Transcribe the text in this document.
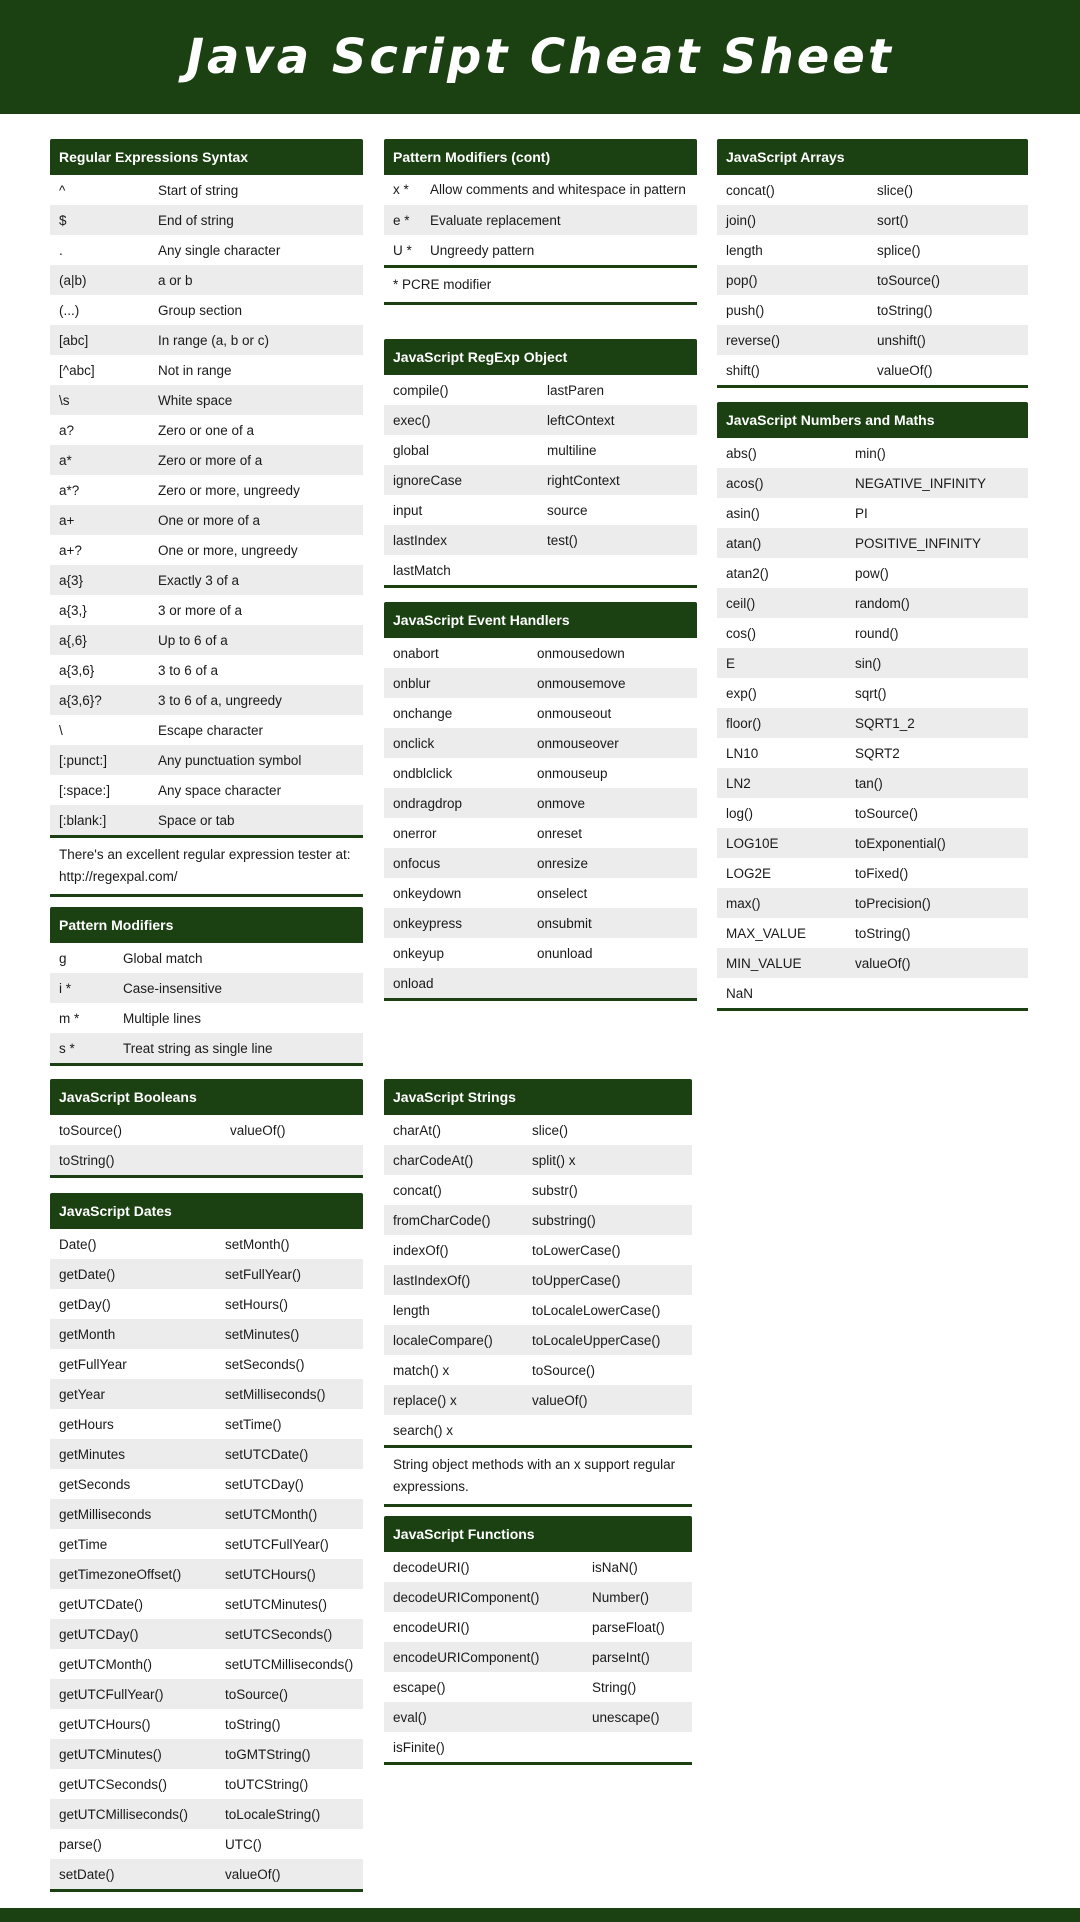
Java Script Cheat Sheet
Regular Expressions Syntax
^	Start of string
$	End of string
.	Any single character
(a|b)	a or b
(...)	Group section
[abc]	In range (a, b or c)
[^abc]	Not in range
\s	White space
a?	Zero or one of a
a*	Zero or more of a
a*?	Zero or more, ungreedy
a+	One or more of a
a+?	One or more, ungreedy
a{3}	Exactly 3 of a
a{3,}	3 or more of a
a{,6}	Up to 6 of a
a{3,6}	3 to 6 of a
a{3,6}?	3 to 6 of a, ungreedy
\	Escape character
[:punct:]	Any punctuation symbol
[:space:]	Any space character
[:blank:]	Space or tab
There's an excellent regular expression tester at: http://regexpal.com/
Pattern Modifiers
g	Global match
i *	Case-insensitive
m *	Multiple lines
s *	Treat string as single line
JavaScript Booleans
toSource()	valueOf()
toString()
JavaScript Dates
Date()	setMonth()
getDate()	setFullYear()
getDay()	setHours()
getMonth	setMinutes()
getFullYear	setSeconds()
getYear	setMilliseconds()
getHours	setTime()
getMinutes	setUTCDate()
getSeconds	setUTCDay()
getMilliseconds	setUTCMonth()
getTime	setUTCFullYear()
getTimezoneOffset()	setUTCHours()
getUTCDate()	setUTCMinutes()
getUTCDay()	setUTCSeconds()
getUTCMonth()	setUTCMilliseconds()
getUTCFullYear()	toSource()
getUTCHours()	toString()
getUTCMinutes()	toGMTString()
getUTCSeconds()	toUTCString()
getUTCMilliseconds()	toLocaleString()
parse()	UTC()
setDate()	valueOf()
Pattern Modifiers (cont)
x *	Allow comments and whitespace in pattern
e *	Evaluate replacement
U *	Ungreedy pattern
* PCRE modifier
JavaScript RegExp Object
compile()	lastParen
exec()	leftCOntext
global	multiline
ignoreCase	rightContext
input	source
lastIndex	test()
lastMatch
JavaScript Event Handlers
onabort	onmousedown
onblur	onmousemove
onchange	onmouseout
onclick	onmouseover
ondblclick	onmouseup
ondragdrop	onmove
onerror	onreset
onfocus	onresize
onkeydown	onselect
onkeypress	onsubmit
onkeyup	onunload
onload
JavaScript Strings
charAt()	slice()
charCodeAt()	split() x
concat()	substr()
fromCharCode()	substring()
indexOf()	toLowerCase()
lastIndexOf()	toUpperCase()
length	toLocaleLowerCase()
localeCompare()	toLocaleUpperCase()
match() x	toSource()
replace() x	valueOf()
search() x
String object methods with an x support regular expressions.
JavaScript Functions
decodeURI()	isNaN()
decodeURIComponent()	Number()
encodeURI()	parseFloat()
encodeURIComponent()	parseInt()
escape()	String()
eval()	unescape()
isFinite()
JavaScript Arrays
concat()	slice()
join()	sort()
length	splice()
pop()	toSource()
push()	toString()
reverse()	unshift()
shift()	valueOf()
JavaScript Numbers and Maths
abs()	min()
acos()	NEGATIVE_INFINITY
asin()	PI
atan()	POSITIVE_INFINITY
atan2()	pow()
ceil()	random()
cos()	round()
E	sin()
exp()	sqrt()
floor()	SQRT1_2
LN10	SQRT2
LN2	tan()
log()	toSource()
LOG10E	toExponential()
LOG2E	toFixed()
max()	toPrecision()
MAX_VALUE	toString()
MIN_VALUE	valueOf()
NaN
